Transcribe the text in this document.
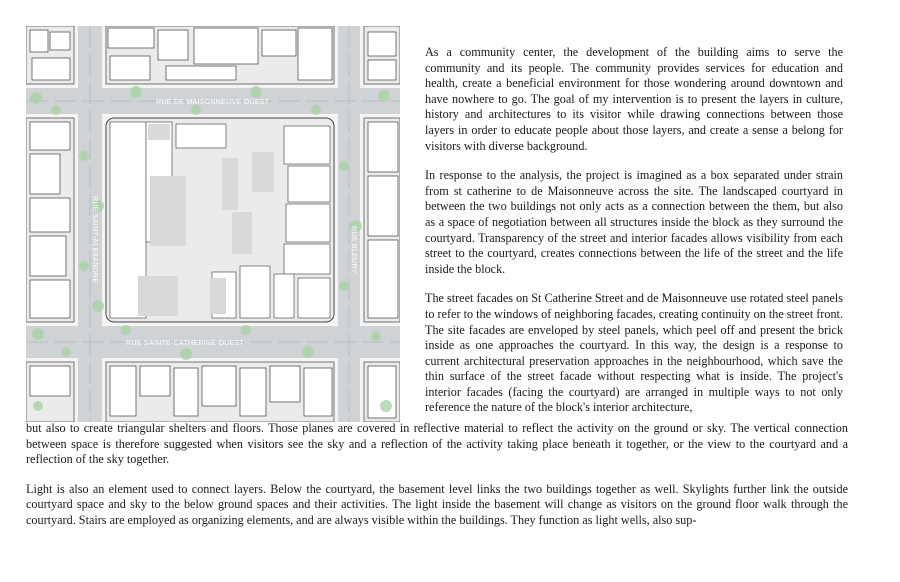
RUE DE MAISONNEUVE OUEST
RUE SAINTE-CATHERINE OUEST
RUE SAINT-ALEXANDRE	RUE BLEURY

As a community center, the development of the building aims to serve the community and its people. The community provides services for education and health, create a beneficial environment for those wondering around downtown and have nowhere to go. The goal of my intervention is to present the layers in culture, history and architectures to its visitor while drawing connections between those layers in order to educate people about those layers, and create a sense a belong for visitors with diverse background.

In response to the analysis, the project is imagined as a box separated under strain from st catherine to de Maisonneuve across the site. The landscaped courtyard in between the two buildings not only acts as a connection between the them, but also as a space of negotiation between all structures inside the block as they surround the courtyard. Transparency of the street and interior facades allows visibility from each street to the courtyard, creates connections between the life of the street and the life inside the block.

The street facades on St Catherine Street and de Maisonneuve use rotated steel panels to refer to the windows of neighboring facades, creating continuity on the street front. The site facades are enveloped by steel panels, which peel off and present the brick inside as one approaches the courtyard. In this way, the design is a response to current architectural preservation approaches in the neighbourhood, which save the thin surface of the street facade without respecting what is inside. The project's interior facades (facing the courtyard) are arranged in multiple ways to not only reference the nature of the block's interior architecture,

but also to create triangular shelters and floors. Those planes are covered in reflective material to reflect the activity on the ground or sky. The vertical connection between space is therefore suggested when visitors see the sky and a reflection of the activity taking place beneath it together, or the view to the courtyard and a reflection of the sky together.

Light is also an element used to connect layers. Below the courtyard, the basement level links the two buildings together as well. Skylights further link the outside courtyard space and sky to the below ground spaces and their activities. The light inside the basement will change as visitors on the ground floor walk through the courtyard. Stairs are employed as organizing elements, and are always visible within the buildings. They function as light wells, also sup-
